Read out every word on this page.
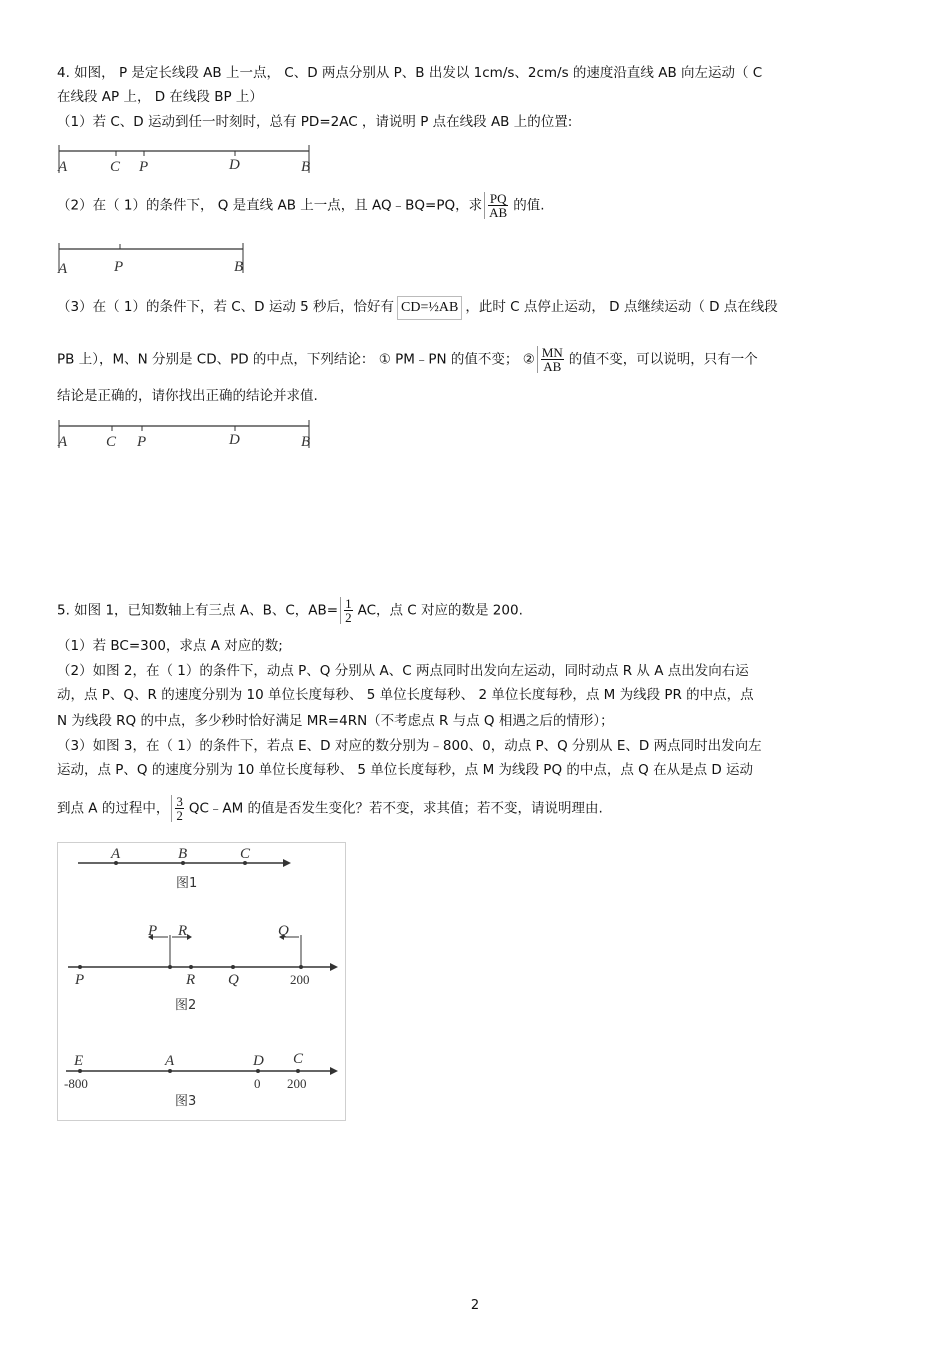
4. 如图， P 是定长线段 AB 上一点， C、D 两点分别从 P、B 出发以 1cm/s、2cm/s 的速度沿直线 AB 向左运动（ C
在线段 AP 上， D 在线段 BP 上）
（1）若 C、D 运动到任一时刻时，总有 PD=2AC ，请说明 P 点在线段 AB 上的位置:
A	C P	D	B
（2）在（ 1）的条件下， Q 是直线 AB 上一点，且 AQ﹣BQ=PQ，求 $\frac{PQ}{AB}$ 的值.
A	P	B
（3）在（ 1）的条件下，若 C、D 运动 5 秒后，恰好有 CD=½AB ，此时 C 点停止运动， D 点继续运动（ D 点在线段
PB 上），M、N 分别是 CD、PD 的中点，下列结论： ① PM﹣PN 的值不变； ② $\frac{MN}{AB}$ 的值不变，可以说明，只有一个
结论是正确的，请你找出正确的结论并求值.
A	C P	D	B
5. 如图 1，已知数轴上有三点 A、B、C，$AB= \frac{1}{2}$ AC，点 C 对应的数是 200.
（1）若 BC=300，求点 A 对应的数;
（2）如图 2，在（ 1）的条件下，动点 P、Q 分别从 A、C 两点同时出发向左运动，同时动点 R 从 A 点出发向右运
动，点 P、Q、R 的速度分别为 10 单位长度每秒、 5 单位长度每秒、 2 单位长度每秒，点 M 为线段 PR 的中点，点
N 为线段 RQ 的中点，多少秒时恰好满足 MR=4RN（不考虑点 R 与点 Q 相遇之后的情形）；
（3）如图 3，在（ 1）的条件下，若点 E、D 对应的数分别为﹣800、0，动点 P、Q 分别从 E、D 两点同时出发向左
运动，点 P、Q 的速度分别为 10 单位长度每秒、 5 单位长度每秒，点 M 为线段 PQ 的中点，点 Q 在从是点 D 运动
到点 A 的过程中， $\frac{3}{2}$ QC﹣AM 的值是否发生变化？若不变，求其值；若不变，请说明理由.
A	B	C
图1
P R	Q
P	R Q	200
图2
E	A	D C
-800	0 200
图3
2
